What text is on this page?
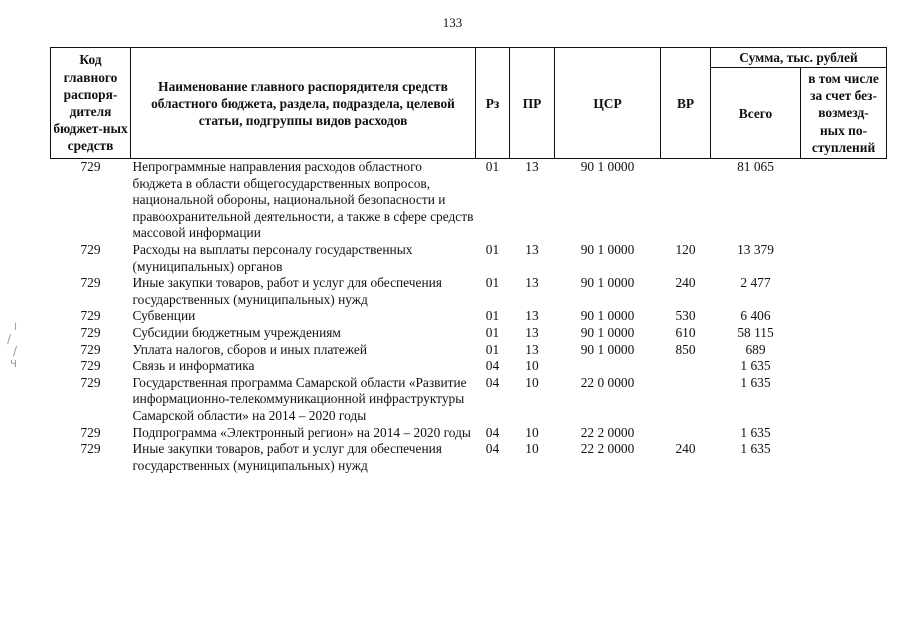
133
╷
/
/
ч
Код главного распоря-дителя бюджет-ных средств	Наименование главного распорядителя средств областного бюджета, раздела, подраздела, целевой статьи, подгруппы видов расходов	Рз	ПР	ЦСР	ВР	Сумма, тыс. рублей	
						Всего	в том числе за счет без-возмезд-ных по-ступлений
729	Непрограммные направления расходов областного бюджета в области общегосударственных вопросов, национальной обороны, национальной безопасности и правоохранительной деятельности, а также в сфере средств массовой информации	01	13	90 1 0000		81 065	
729	Расходы на выплаты персоналу государственных (муниципальных) органов	01	13	90 1 0000	120	13 379	
729	Иные закупки товаров, работ и услуг для обеспечения государственных (муниципальных) нужд	01	13	90 1 0000	240	2 477	
729	Субвенции	01	13	90 1 0000	530	6 406	
729	Субсидии бюджетным учреждениям	01	13	90 1 0000	610	58 115	
729	Уплата налогов, сборов и иных платежей	01	13	90 1 0000	850	689	
729	Связь и информатика	04	10			1 635	
729	Государственная программа Самарской области «Развитие информационно-телекоммуникационной инфраструктуры Самарской области» на 2014 – 2020 годы	04	10	22 0 0000		1 635	
729	Подпрограмма «Электронный регион» на 2014 – 2020 годы	04	10	22 2 0000		1 635	
729	Иные закупки товаров, работ и услуг для обеспечения государственных (муниципальных) нужд	04	10	22 2 0000	240	1 635	
